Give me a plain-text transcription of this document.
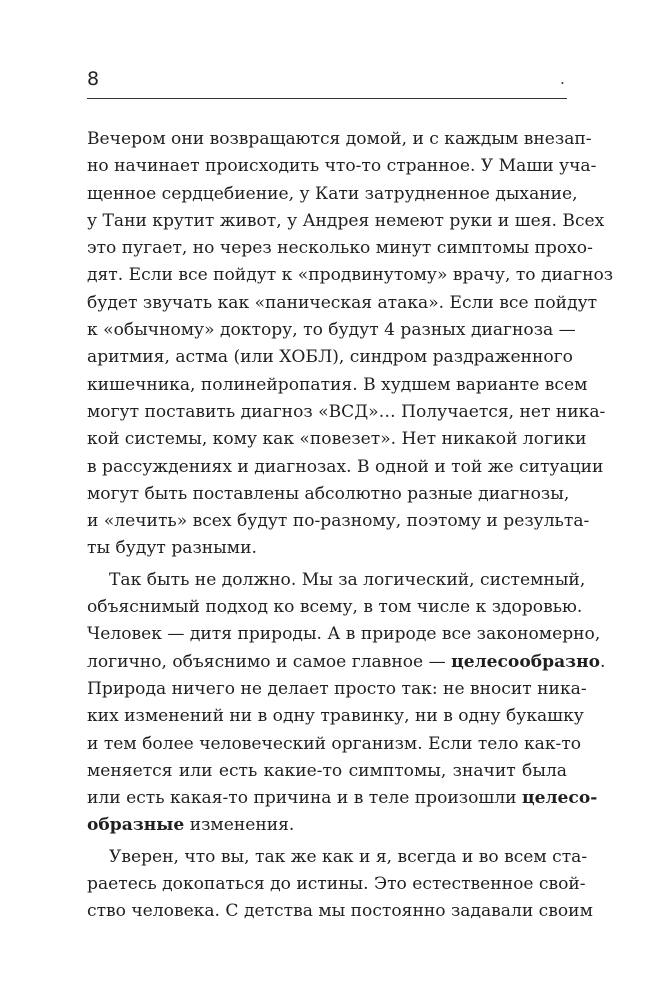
8	.
Вечером они возвращаются домой, и с каждым внезап-
но начинает происходить что-то странное. У Маши уча-
щенное сердцебиение, у Кати затрудненное дыхание,
у Тани крутит живот, у Андрея немеют руки и шея. Всех
это пугает, но через несколько минут симптомы прохо-
дят. Если все пойдут к «продвинутому» врачу, то диагноз
будет звучать как «паническая атака». Если все пойдут
к «обычному» доктору, то будут 4 разных диагноза —
аритмия, астма (или ХОБЛ), синдром раздраженного
кишечника, полинейропатия. В худшем варианте всем
могут поставить диагноз «ВСД»… Получается, нет ника-
кой системы, кому как «повезет». Нет никакой логики
в рассуждениях и диагнозах. В одной и той же ситуации
могут быть поставлены абсолютно разные диагнозы,
и «лечить» всех будут по-разному, поэтому и результа-
ты будут разными.
Так быть не должно. Мы за логический, системный,
объяснимый подход ко всему, в том числе к здоровью.
Человек — дитя природы. А в природе все закономерно,
логично, объяснимо и самое главное — целесообразно.
Природа ничего не делает просто так: не вносит ника-
ких изменений ни в одну травинку, ни в одну букашку
и тем более человеческий организм. Если тело как-то
меняется или есть какие-то симптомы, значит была
или есть какая-то причина и в теле произошли целесо-
образные изменения.
Уверен, что вы, так же как и я, всегда и во всем ста-
раетесь докопаться до истины. Это естественное свой-
ство человека. С детства мы постоянно задавали своим
